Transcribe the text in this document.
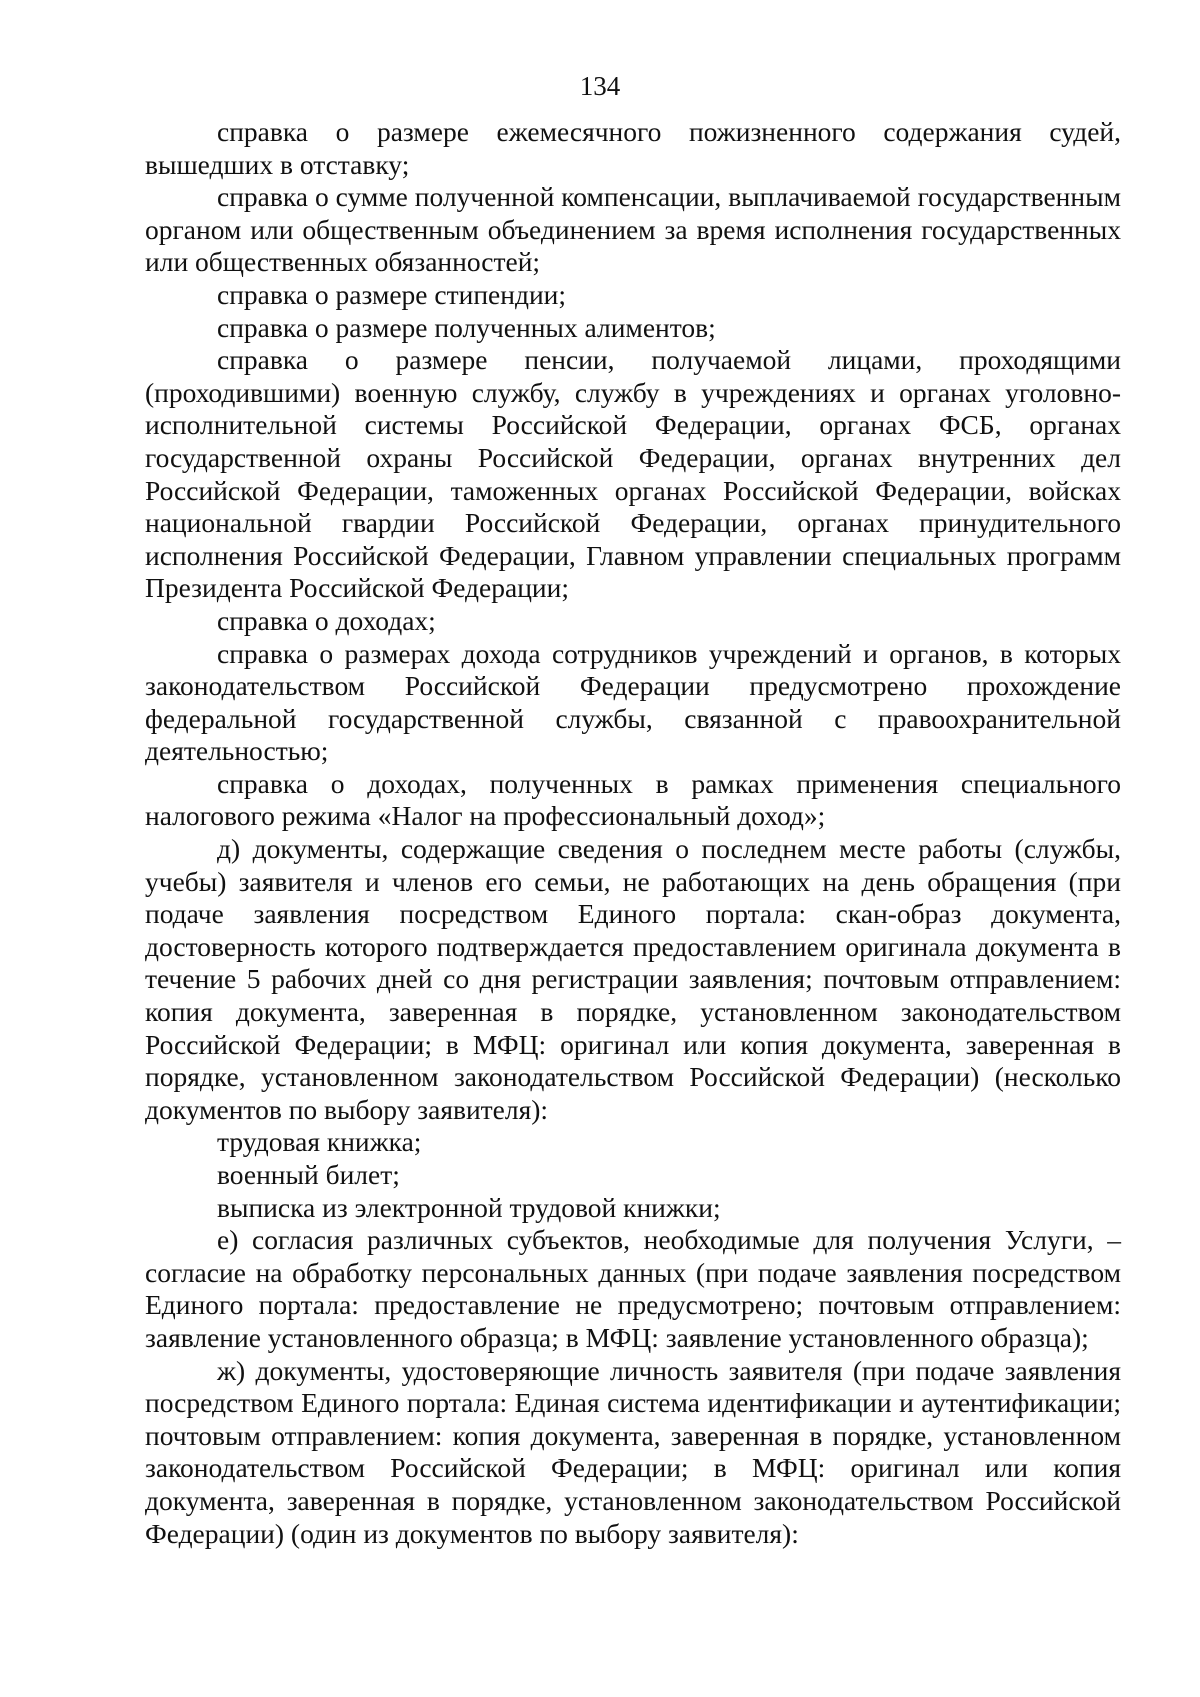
134

справка о размере ежемесячного пожизненного содержания судей, вышедших в отставку;

справка о сумме полученной компенсации, выплачиваемой государственным органом или общественным объединением за время исполнения государственных или общественных обязанностей;

справка о размере стипендии;

справка о размере полученных алиментов;

справка о размере пенсии, получаемой лицами, проходящими (проходившими) военную службу, службу в учреждениях и органах уголовно-исполнительной системы Российской Федерации, органах ФСБ, органах государственной охраны Российской Федерации, органах внутренних дел Российской Федерации, таможенных органах Российской Федерации, войсках национальной гвардии Российской Федерации, органах принудительного исполнения Российской Федерации, Главном управлении специальных программ Президента Российской Федерации;

справка о доходах;

справка о размерах дохода сотрудников учреждений и органов, в которых законодательством Российской Федерации предусмотрено прохождение федеральной государственной службы, связанной с правоохранительной деятельностью;

справка о доходах, полученных в рамках применения специального налогового режима «Налог на профессиональный доход»;

д) документы, содержащие сведения о последнем месте работы (службы, учебы) заявителя и членов его семьи, не работающих на день обращения (при подаче заявления посредством Единого портала: скан-образ документа, достоверность которого подтверждается предоставлением оригинала документа в течение 5 рабочих дней со дня регистрации заявления; почтовым отправлением: копия документа, заверенная в порядке, установленном законодательством Российской Федерации; в МФЦ: оригинал или копия документа, заверенная в порядке, установленном законодательством Российской Федерации) (несколько документов по выбору заявителя):

трудовая книжка;

военный билет;

выписка из электронной трудовой книжки;

е) согласия различных субъектов, необходимые для получения Услуги, – согласие на обработку персональных данных (при подаче заявления посредством Единого портала: предоставление не предусмотрено; почтовым отправлением: заявление установленного образца; в МФЦ: заявление установленного образца);

ж) документы, удостоверяющие личность заявителя (при подаче заявления посредством Единого портала: Единая система идентификации и аутентификации; почтовым отправлением: копия документа, заверенная в порядке, установленном законодательством Российской Федерации; в МФЦ: оригинал или копия документа, заверенная в порядке, установленном законодательством Российской Федерации) (один из документов по выбору заявителя):
